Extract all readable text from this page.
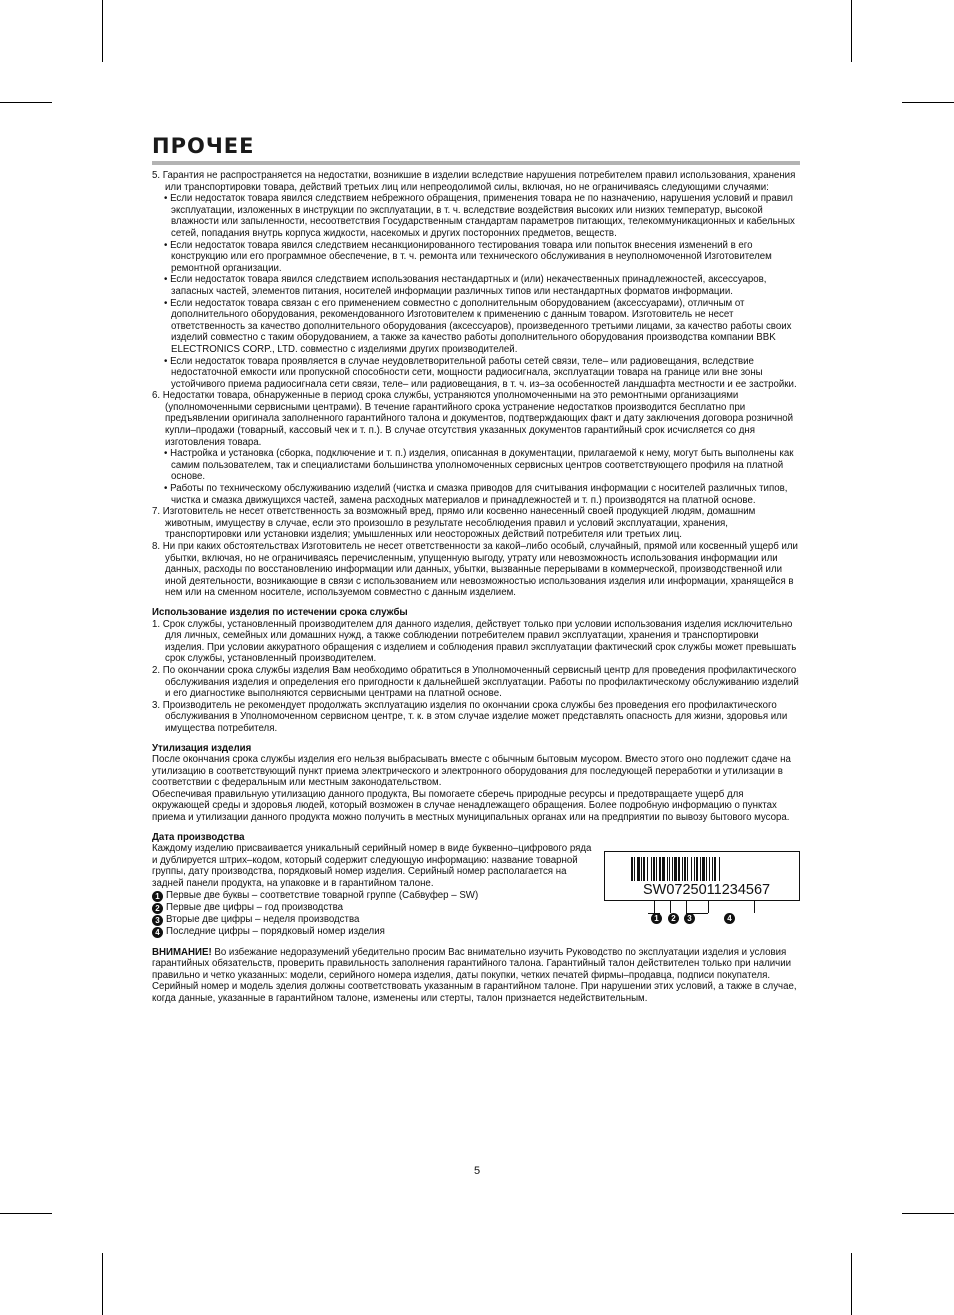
ПРОЧЕЕ
5. Гарантия не распространяется на недостатки, возникшие в изделии вследствие нарушения потребителем правил использования, хранения или транспортировки товара, действий третьих лиц или непреодолимой силы, включая, но не ограничиваясь следующими случаями:
• Если недостаток товара явился следствием небрежного обращения, применения товара не по назначению, нарушения условий и правил эксплуатации, изложенных в инструкции по эксплуатации, в т. ч. вследствие воздействия высоких или низких температур, высокой влажности или запыленности, несоответствия Государственным стандартам параметров питающих, телекоммуникационных и кабельных сетей, попадания внутрь корпуса жидкости, насекомых и других посторонних предметов, веществ.
• Если недостаток товара явился следствием несанкционированного тестирования товара или попыток внесения изменений в его конструкцию или его программное обеспечение, в т. ч. ремонта или технического обслуживания в неуполномоченной Изготовителем ремонтной организации.
• Если недостаток товара явился следствием использования нестандартных и (или) некачественных принадлежностей, аксессуаров, запасных частей, элементов питания, носителей информации различных типов или нестандартных форматов информации.
• Если недостаток товара связан с его применением совместно с дополнительным оборудованием (аксессуарами), отличным от дополнительного оборудования, рекомендованного Изготовителем к применению с данным товаром. Изготовитель не несет ответственность за качество дополнительного оборудования (аксессуаров), произведенного третьими лицами, за качество работы своих изделий совместно с таким оборудованием, а также за качество работы дополнительного оборудования производства компании BBK ELECTRONICS CORP., LTD. совместно с изделиями других производителей.
• Если недостаток товара проявляется в случае неудовлетворительной работы сетей связи, теле– или радиовещания, вследствие недостаточной емкости или пропускной способности сети, мощности радиосигнала, эксплуатации товара на границе или вне зоны устойчивого приема радиосигнала сети связи, теле– или радиовещания, в т. ч. из–за особенностей ландшафта местности и ее застройки.
6. Недостатки товара, обнаруженные в период срока службы, устраняются уполномоченными на это ремонтными организациями (уполномоченными сервисными центрами). В течение гарантийного срока устранение недостатков производится бесплатно при предъявлении оригинала заполненного гарантийного талона и документов, подтверждающих факт и дату заключения договора розничной купли–продажи (товарный, кассовый чек и т. п.). В случае отсутствия указанных документов гарантийный срок исчисляется со дня изготовления товара.
• Настройка и установка (сборка, подключение и т. п.) изделия, описанная в документации, прилагаемой к нему, могут быть выполнены как самим пользователем, так и специалистами большинства уполномоченных сервисных центров соответствующего профиля на платной основе.
• Работы по техническому обслуживанию изделий (чистка и смазка приводов для считывания информации с носителей различных типов, чистка и смазка движущихся частей, замена расходных материалов и принадлежностей и т. п.) производятся на платной основе.
7. Изготовитель не несет ответственность за возможный вред, прямо или косвенно нанесенный своей продукцией людям, домашним животным, имуществу в случае, если это произошло в результате несоблюдения правил и условий эксплуатации, хранения, транспортировки или установки изделия; умышленных или неосторожных действий потребителя или третьих лиц.
8. Ни при каких обстоятельствах Изготовитель не несет ответственности за какой–либо особый, случайный, прямой или косвенный ущерб или убытки, включая, но не ограничиваясь перечисленным, упущенную выгоду, утрату или невозможность использования информации или данных, расходы по восстановлению информации или данных, убытки, вызванные перерывами в коммерческой, производственной или иной деятельности, возникающие в связи с использованием или невозможностью использования изделия или информации, хранящейся в нем или на сменном носителе, используемом совместно с данным изделием.
Использование изделия по истечении срока службы
1. Срок службы, установленный производителем для данного изделия, действует только при условии использования изделия исключительно для личных, семейных или домашних нужд, а также соблюдении потребителем правил эксплуатации, хранения и транспортировки изделия. При условии аккуратного обращения с изделием и соблюдения правил эксплуатации фактический срок службы может превышать срок службы, установленный производителем.
2. По окончании срока службы изделия Вам необходимо обратиться в Уполномоченный сервисный центр для проведения профилактического обслуживания изделия и определения его пригодности к дальнейшей эксплуатации. Работы по профилактическому обслуживанию изделий и его диагностике выполняются сервисными центрами на платной основе.
3. Производитель не рекомендует продолжать эксплуатацию изделия по окончании срока службы без проведения его профилактического обслуживания в Уполномоченном сервисном центре, т. к. в этом случае изделие может представлять опасность для жизни, здоровья или имущества потребителя.
Утилизация изделия
После окончания срока службы изделия его нельзя выбрасывать вместе с обычным бытовым мусором. Вместо этого оно подлежит сдаче на утилизацию в соответствующий пункт приема электрического и электронного оборудования для последующей переработки и утилизации в соответствии с федеральным или местным законодательством.
Обеспечивая правильную утилизацию данного продукта, Вы помогаете сберечь природные ресурсы и предотвращаете ущерб для окружающей среды и здоровья людей, который возможен в случае ненадлежащего обращения. Более подробную информацию о пунктах приема и утилизации данного продукта можно получить в местных муниципальных органах или на предприятии по вывозу бытового мусора.
Дата производства
Каждому изделию присваивается уникальный серийный номер в виде буквенно–цифрового ряда и дублируется штрих–кодом, который содержит следующую информацию: название товарной группы, дату производства, порядковый номер изделия. Серийный номер располагается на задней панели продукта, на упаковке и в гарантийном талоне.
1 Первые две буквы – соответствие товарной группе (Сабвуфер – SW)
2 Первые две цифры – год производства
3 Вторые две цифры – неделя производства
4 Последние цифры – порядковый номер изделия
SW0725011234567
1	2	3	4
ВНИМАНИЕ! Во избежание недоразумений убедительно просим Вас внимательно изучить Руководство по эксплуатации изделия и условия гарантийных обязательств, проверить правильность заполнения гарантийного талона. Гарантийный талон действителен только при наличии правильно и четко указанных: модели, серийного номера изделия, даты покупки, четких печатей фирмы–продавца, подписи покупателя. Серийный номер и модель зделия должны соответствовать указанным в гарантийном талоне. При нарушении этих условий, а также в случае, когда данные, указанные в гарантийном талоне, изменены или стерты, талон признается недействительным.
5
